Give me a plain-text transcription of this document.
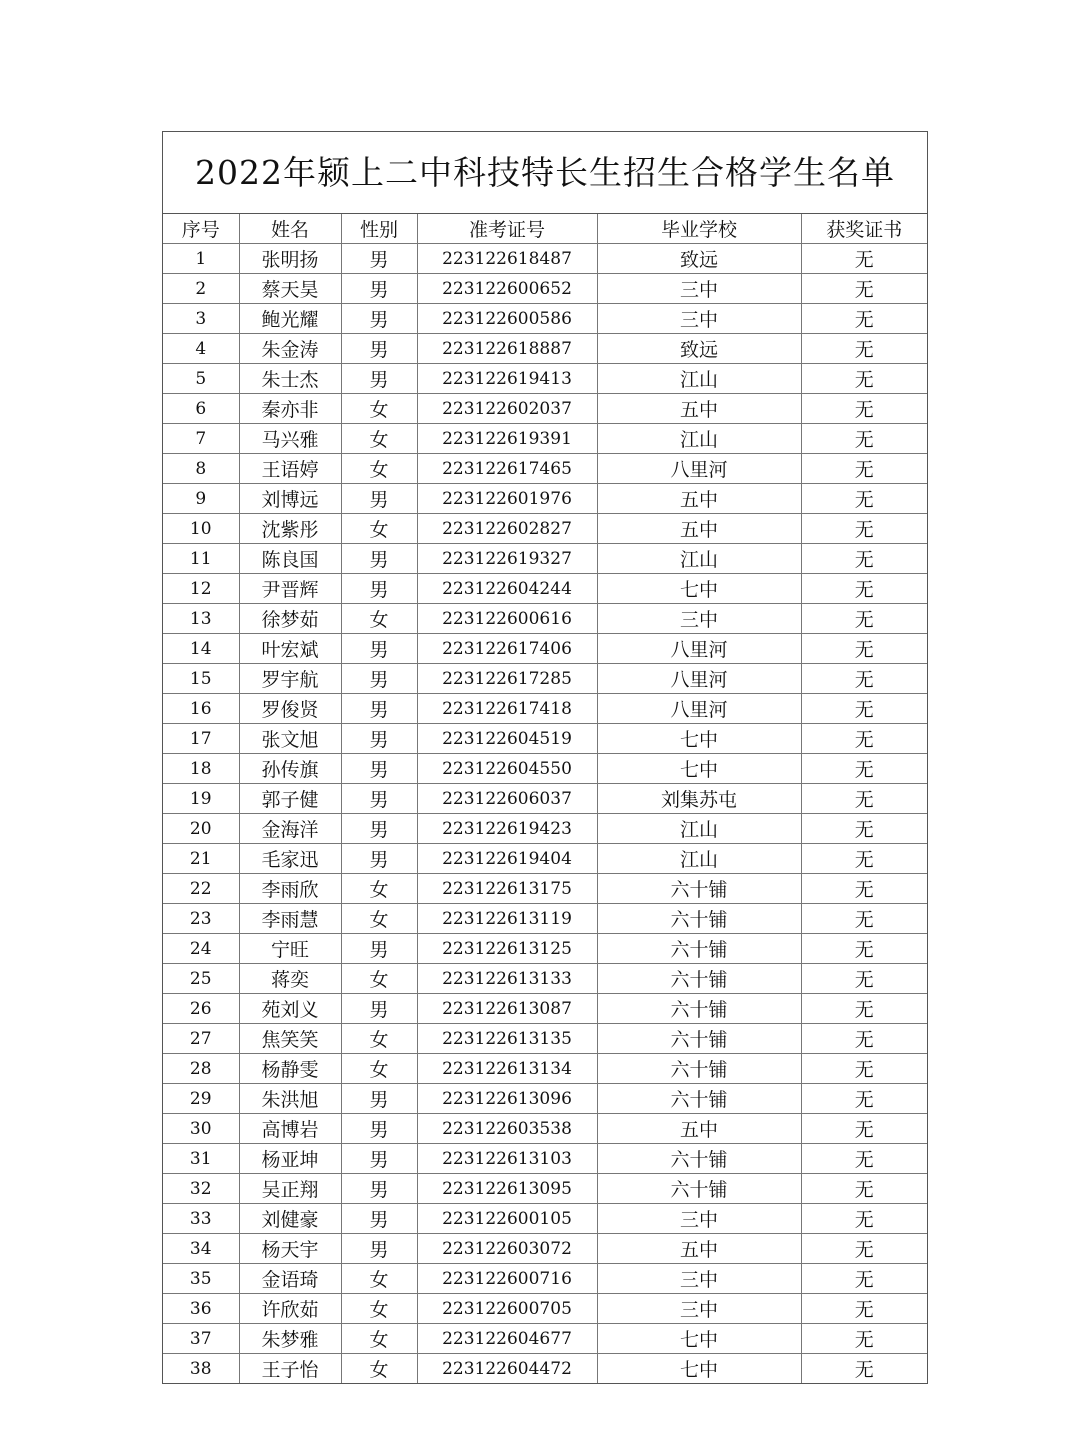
2022年颍上二中科技特长生招生合格学生名单
序号	姓名	性别	准考证号	毕业学校	获奖证书
1	张明扬	男	223122618487	致远	无
2	蔡天昊	男	223122600652	三中	无
3	鲍光耀	男	223122600586	三中	无
4	朱金涛	男	223122618887	致远	无
5	朱士杰	男	223122619413	江山	无
6	秦亦非	女	223122602037	五中	无
7	马兴雅	女	223122619391	江山	无
8	王语婷	女	223122617465	八里河	无
9	刘博远	男	223122601976	五中	无
10	沈紫彤	女	223122602827	五中	无
11	陈良国	男	223122619327	江山	无
12	尹晋辉	男	223122604244	七中	无
13	徐梦茹	女	223122600616	三中	无
14	叶宏斌	男	223122617406	八里河	无
15	罗宇航	男	223122617285	八里河	无
16	罗俊贤	男	223122617418	八里河	无
17	张文旭	男	223122604519	七中	无
18	孙传旗	男	223122604550	七中	无
19	郭子健	男	223122606037	刘集苏屯	无
20	金海洋	男	223122619423	江山	无
21	毛家迅	男	223122619404	江山	无
22	李雨欣	女	223122613175	六十铺	无
23	李雨慧	女	223122613119	六十铺	无
24	宁旺	男	223122613125	六十铺	无
25	蒋奕	女	223122613133	六十铺	无
26	苑刘义	男	223122613087	六十铺	无
27	焦笑笑	女	223122613135	六十铺	无
28	杨静雯	女	223122613134	六十铺	无
29	朱洪旭	男	223122613096	六十铺	无
30	高博岩	男	223122603538	五中	无
31	杨亚坤	男	223122613103	六十铺	无
32	吴正翔	男	223122613095	六十铺	无
33	刘健豪	男	223122600105	三中	无
34	杨天宇	男	223122603072	五中	无
35	金语琦	女	223122600716	三中	无
36	许欣茹	女	223122600705	三中	无
37	朱梦雅	女	223122604677	七中	无
38	王子怡	女	223122604472	七中	无
